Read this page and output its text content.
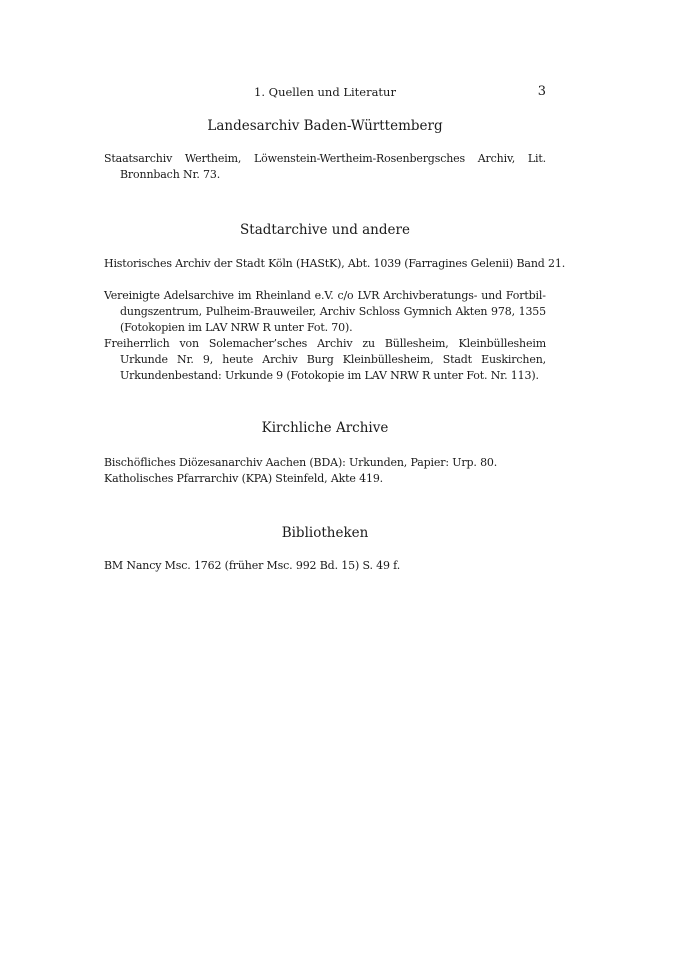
1. Quellen und Literatur	3
Landesarchiv Baden-Württemberg
Staatsarchiv Wertheim, Löwenstein-Wertheim-Rosenbergsches Archiv, Lit. Bronnbach Nr. 73.
Stadtarchive und andere
Historisches Archiv der Stadt Köln (HAStK), Abt. 1039 (Farragines Gelenii) Band 21.
Vereinigte Adelsarchive im Rheinland e.V. c/o LVR Archivberatungs- und Fortbildungszentrum, Pulheim-Brauweiler, Archiv Schloss Gymnich Akten 978, 1355 (Fotokopien im LAV NRW R unter Fot. 70).
Freiherrlich von Solemacher’sches Archiv zu Büllesheim, Kleinbüllesheim Urkunde Nr. 9, heute Archiv Burg Kleinbüllesheim, Stadt Euskirchen, Urkundenbestand: Urkunde 9 (Fotokopie im LAV NRW R unter Fot. Nr. 113).
Kirchliche Archive
Bischöfliches Diözesanarchiv Aachen (BDA): Urkunden, Papier: Urp. 80.
Katholisches Pfarrarchiv (KPA) Steinfeld, Akte 419.
Bibliotheken
BM Nancy Msc. 1762 (früher Msc. 992 Bd. 15) S. 49 f.
